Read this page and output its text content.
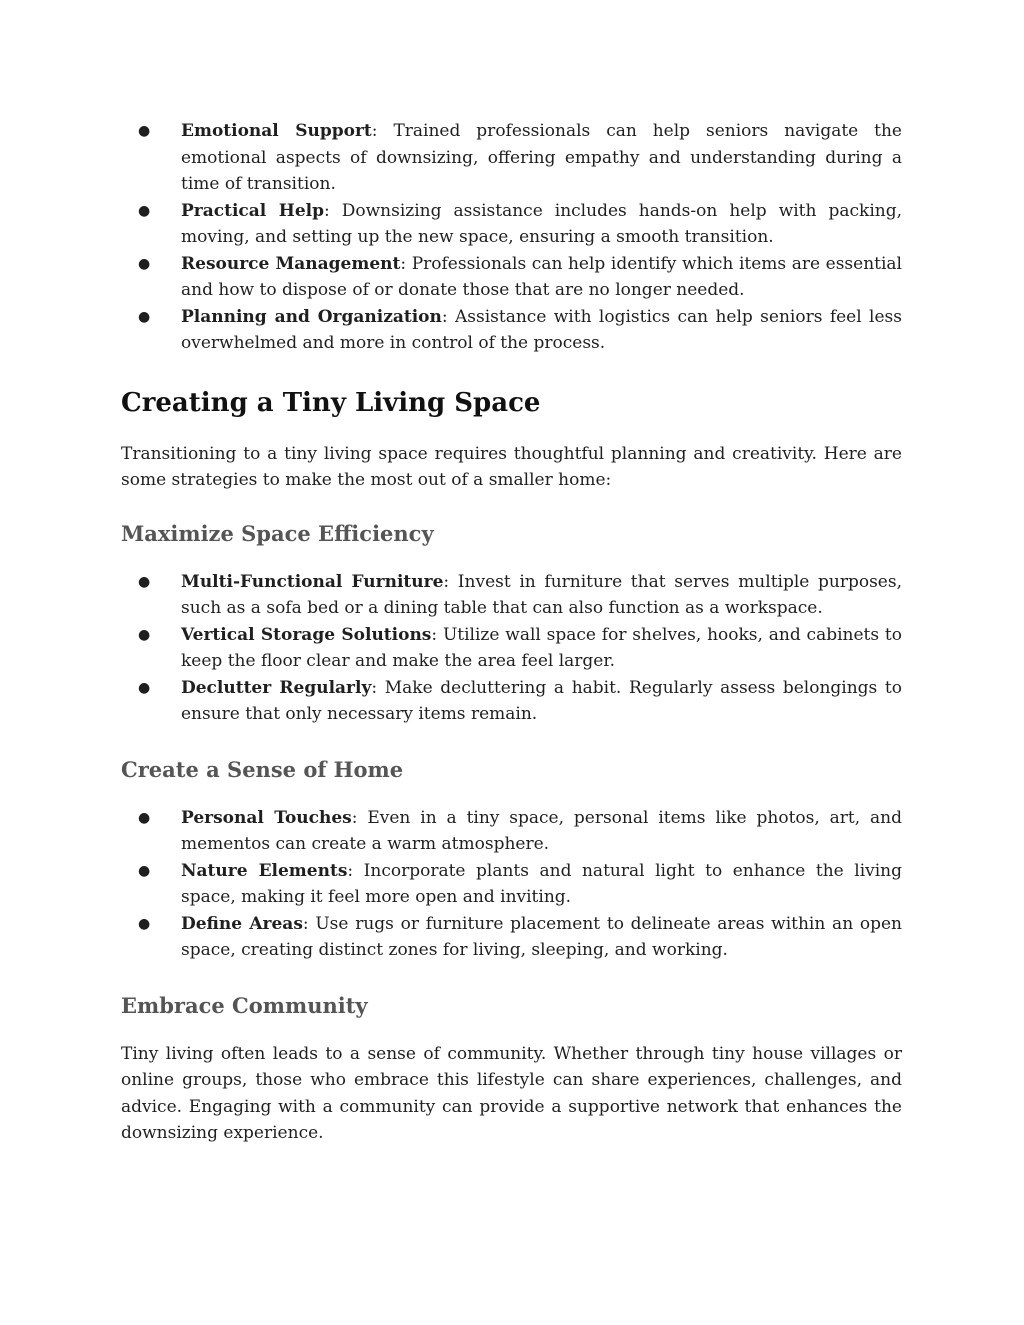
● Emotional Support: Trained professionals can help seniors navigate the emotional aspects of downsizing, offering empathy and understanding during a time of transition.
● Practical Help: Downsizing assistance includes hands-on help with packing, moving, and setting up the new space, ensuring a smooth transition.
● Resource Management: Professionals can help identify which items are essential and how to dispose of or donate those that are no longer needed.
● Planning and Organization: Assistance with logistics can help seniors feel less overwhelmed and more in control of the process.
Creating a Tiny Living Space

Transitioning to a tiny living space requires thoughtful planning and creativity. Here are some strategies to make the most out of a smaller home:

Maximize Space Efficiency
● Multi-Functional Furniture: Invest in furniture that serves multiple purposes, such as a sofa bed or a dining table that can also function as a workspace.
● Vertical Storage Solutions: Utilize wall space for shelves, hooks, and cabinets to keep the floor clear and make the area feel larger.
● Declutter Regularly: Make decluttering a habit. Regularly assess belongings to ensure that only necessary items remain.
Create a Sense of Home
● Personal Touches: Even in a tiny space, personal items like photos, art, and mementos can create a warm atmosphere.
● Nature Elements: Incorporate plants and natural light to enhance the living space, making it feel more open and inviting.
● Define Areas: Use rugs or furniture placement to delineate areas within an open space, creating distinct zones for living, sleeping, and working.
Embrace Community

Tiny living often leads to a sense of community. Whether through tiny house villages or online groups, those who embrace this lifestyle can share experiences, challenges, and advice. Engaging with a community can provide a supportive network that enhances the downsizing experience.
